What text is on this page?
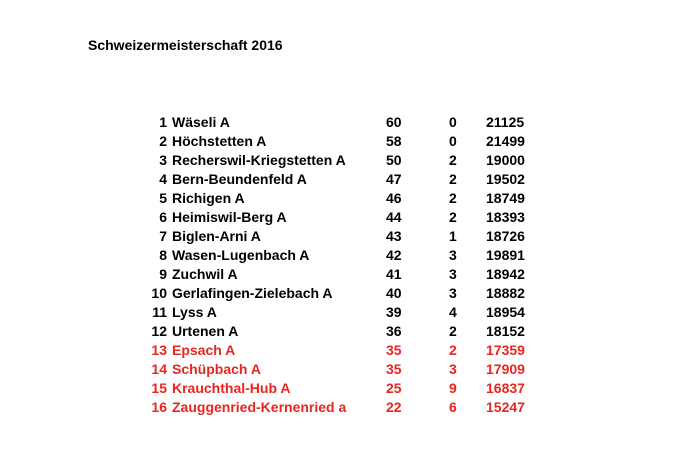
Schweizermeisterschaft 2016
1 Wäseli A	60	0 21125
2 Höchstetten A	58	0 21499
3 Recherswil-Kriegstetten A	50	2 19000
4 Bern-Beundenfeld A	47	2 19502
5 Richigen A	46	2 18749
6 Heimiswil-Berg A	44	2 18393
7 Biglen-Arni A	43	1 18726
8 Wasen-Lugenbach A	42	3 19891
9 Zuchwil A	41	3 18942
10 Gerlafingen-Zielebach A	40	3 18882
11 Lyss A	39	4 18954
12 Urtenen A	36	2 18152
13 Epsach A	35	2 17359
14 Schüpbach A	35	3 17909
15 Krauchthal-Hub A	25	9 16837
16 Zauggenried-Kernenried a	22	6 15247
